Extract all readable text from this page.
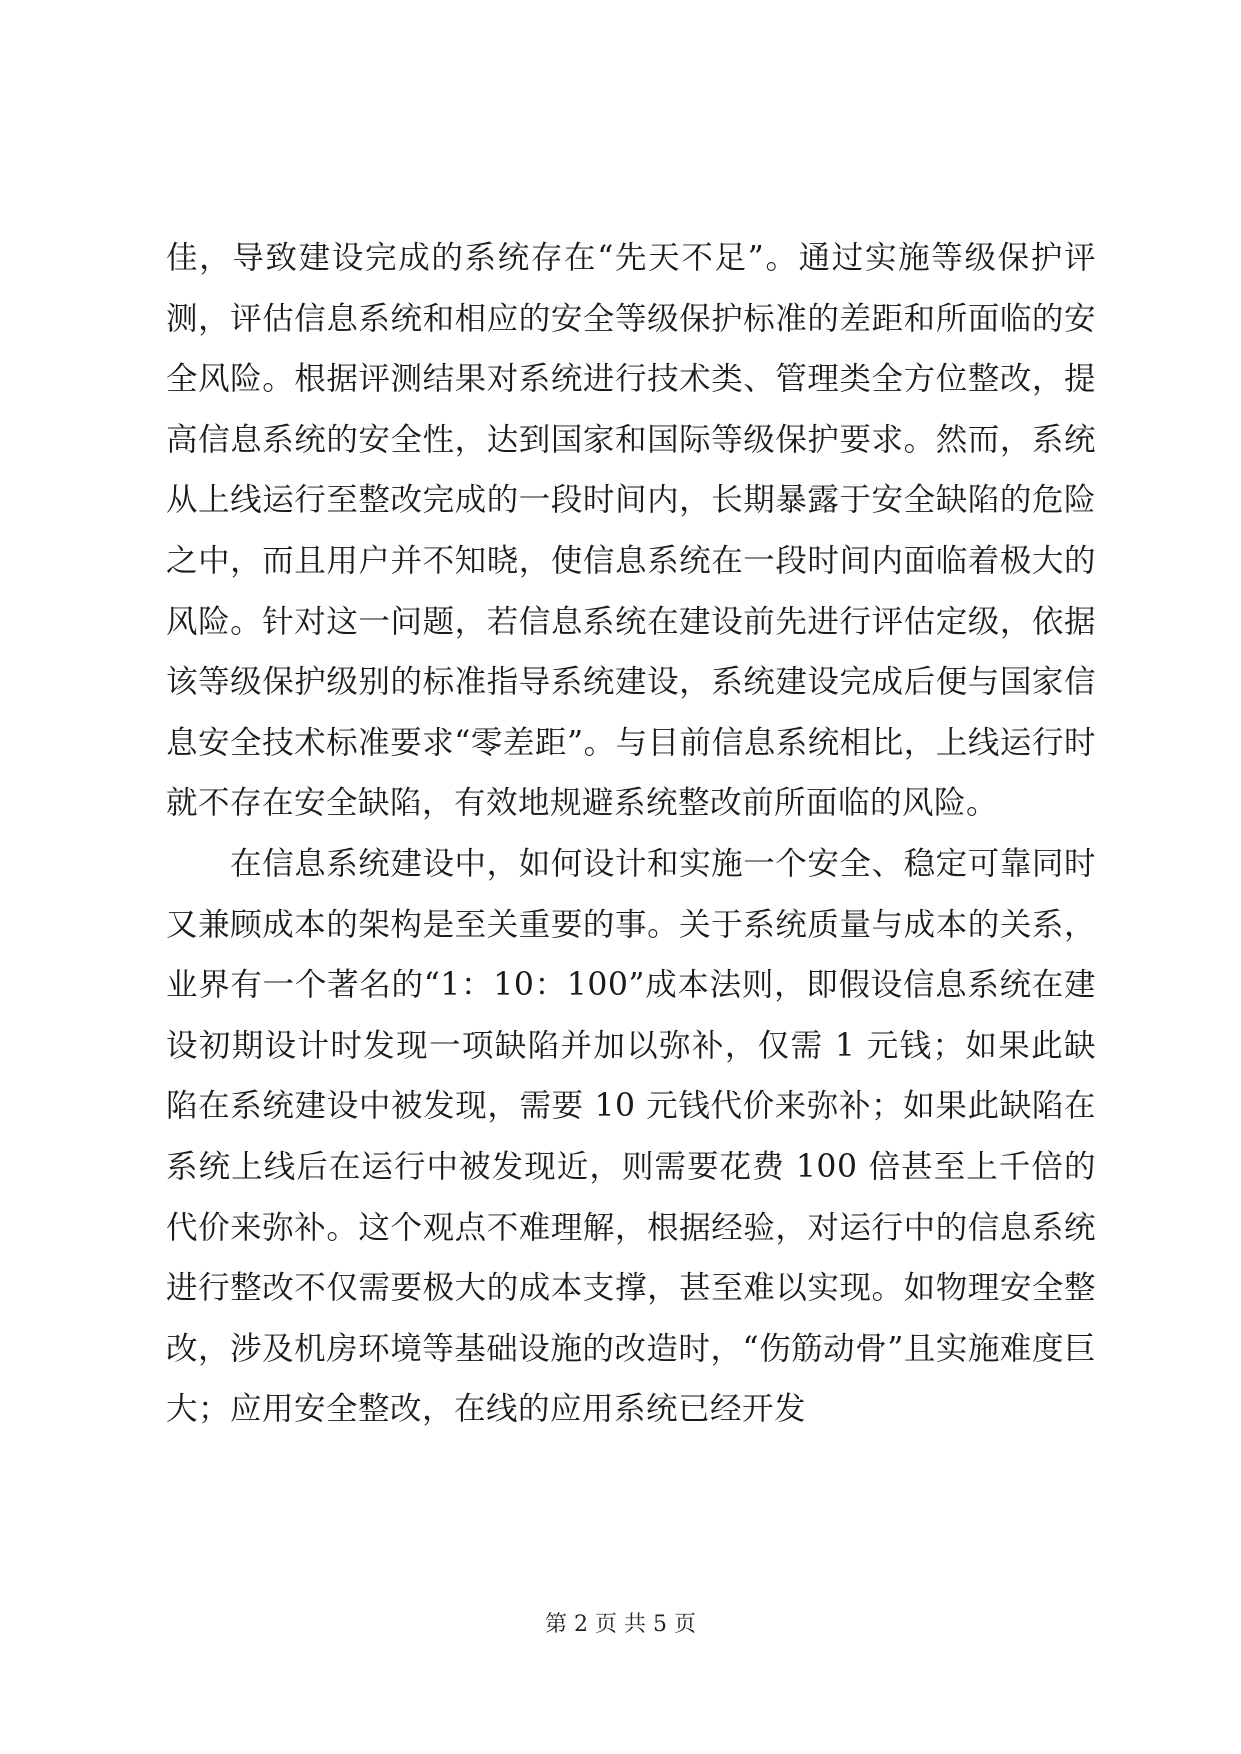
佳，导致建设完成的系统存在“先天不足”。通过实施等级保护评测，评估信息系统和相应的安全等级保护标准的差距和所面临的安全风险。根据评测结果对系统进行技术类、管理类全方位整改，提高信息系统的安全性，达到国家和国际等级保护要求。然而，系统从上线运行至整改完成的一段时间内，长期暴露于安全缺陷的危险之中，而且用户并不知晓，使信息系统在一段时间内面临着极大的风险。针对这一问题，若信息系统在建设前先进行评估定级，依据该等级保护级别的标准指导系统建设，系统建设完成后便与国家信息安全技术标准要求“零差距”。与目前信息系统相比，上线运行时就不存在安全缺陷，有效地规避系统整改前所面临的风险。

在信息系统建设中，如何设计和实施一个安全、稳定可靠同时又兼顾成本的架构是至关重要的事。关于系统质量与成本的关系，业界有一个著名的“1：10：100”成本法则，即假设信息系统在建设初期设计时发现一项缺陷并加以弥补，仅需 1 元钱；如果此缺陷在系统建设中被发现，需要 10 元钱代价来弥补；如果此缺陷在系统上线后在运行中被发现近，则需要花费 100 倍甚至上千倍的代价来弥补。这个观点不难理解，根据经验，对运行中的信息系统进行整改不仅需要极大的成本支撑，甚至难以实现。如物理安全整改，涉及机房环境等基础设施的改造时，“伤筋动骨”且实施难度巨大；应用安全整改，在线的应用系统已经开发

第 2 页 共 5 页
